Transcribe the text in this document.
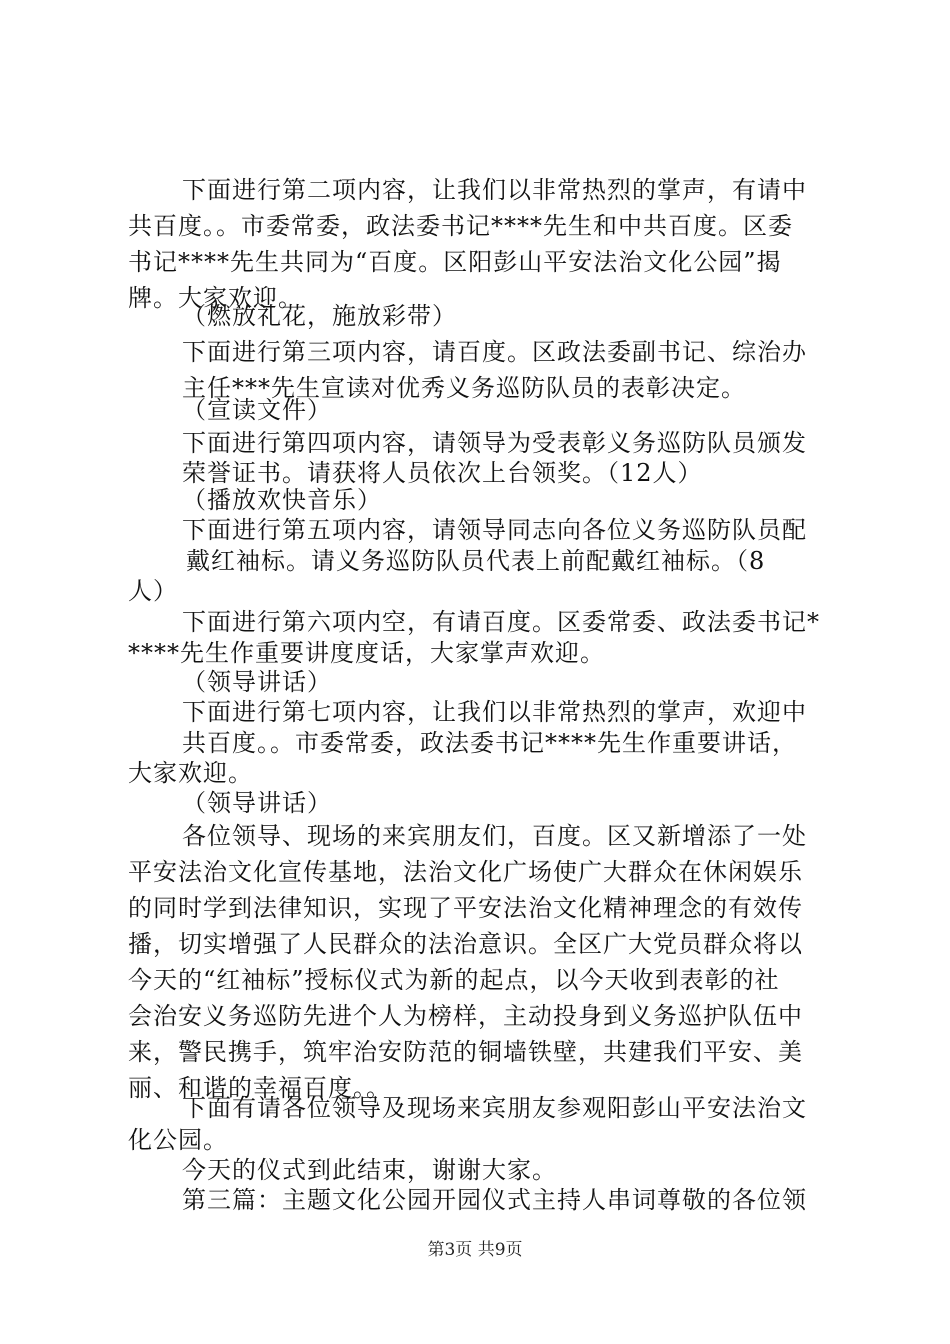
下面进行第二项内容，让我们以非常热烈的掌声，有请中
共百度。。市委常委，政法委书记****先生和中共百度。区委
书记****先生共同为“百度。区阳彭山平安法治文化公园”揭
牌。大家欢迎。
（燃放礼花，施放彩带）
下面进行第三项内容，请百度。区政法委副书记、综治办
主任***先生宣读对优秀义务巡防队员的表彰决定。
（宣读文件）
下面进行第四项内容，请领导为受表彰义务巡防队员颁发
荣誉证书。请获将人员依次上台领奖。（12人）
（播放欢快音乐）
下面进行第五项内容，请领导同志向各位义务巡防队员配
戴红袖标。请义务巡防队员代表上前配戴红袖标。（8
人）
下面进行第六项内空，有请百度。区委常委、政法委书记*
****先生作重要讲度度话，大家掌声欢迎。
（领导讲话）
下面进行第七项内容，让我们以非常热烈的掌声，欢迎中
共百度。。市委常委，政法委书记****先生作重要讲话，
大家欢迎。
（领导讲话）
各位领导、现场的来宾朋友们，百度。区又新增添了一处
平安法治文化宣传基地，法治文化广场使广大群众在休闲娱乐
的同时学到法律知识，实现了平安法治文化精神理念的有效传
播，切实增强了人民群众的法治意识。全区广大党员群众将以
今天的“红袖标”授标仪式为新的起点，以今天收到表彰的社
会治安义务巡防先进个人为榜样，主动投身到义务巡护队伍中
来，警民携手，筑牢治安防范的铜墙铁壁，共建我们平安、美
丽、和谐的幸福百度。。
下面有请各位领导及现场来宾朋友参观阳彭山平安法治文
化公园。
今天的仪式到此结束，谢谢大家。
第三篇：主题文化公园开园仪式主持人串词尊敬的各位领
第3页 共9页
